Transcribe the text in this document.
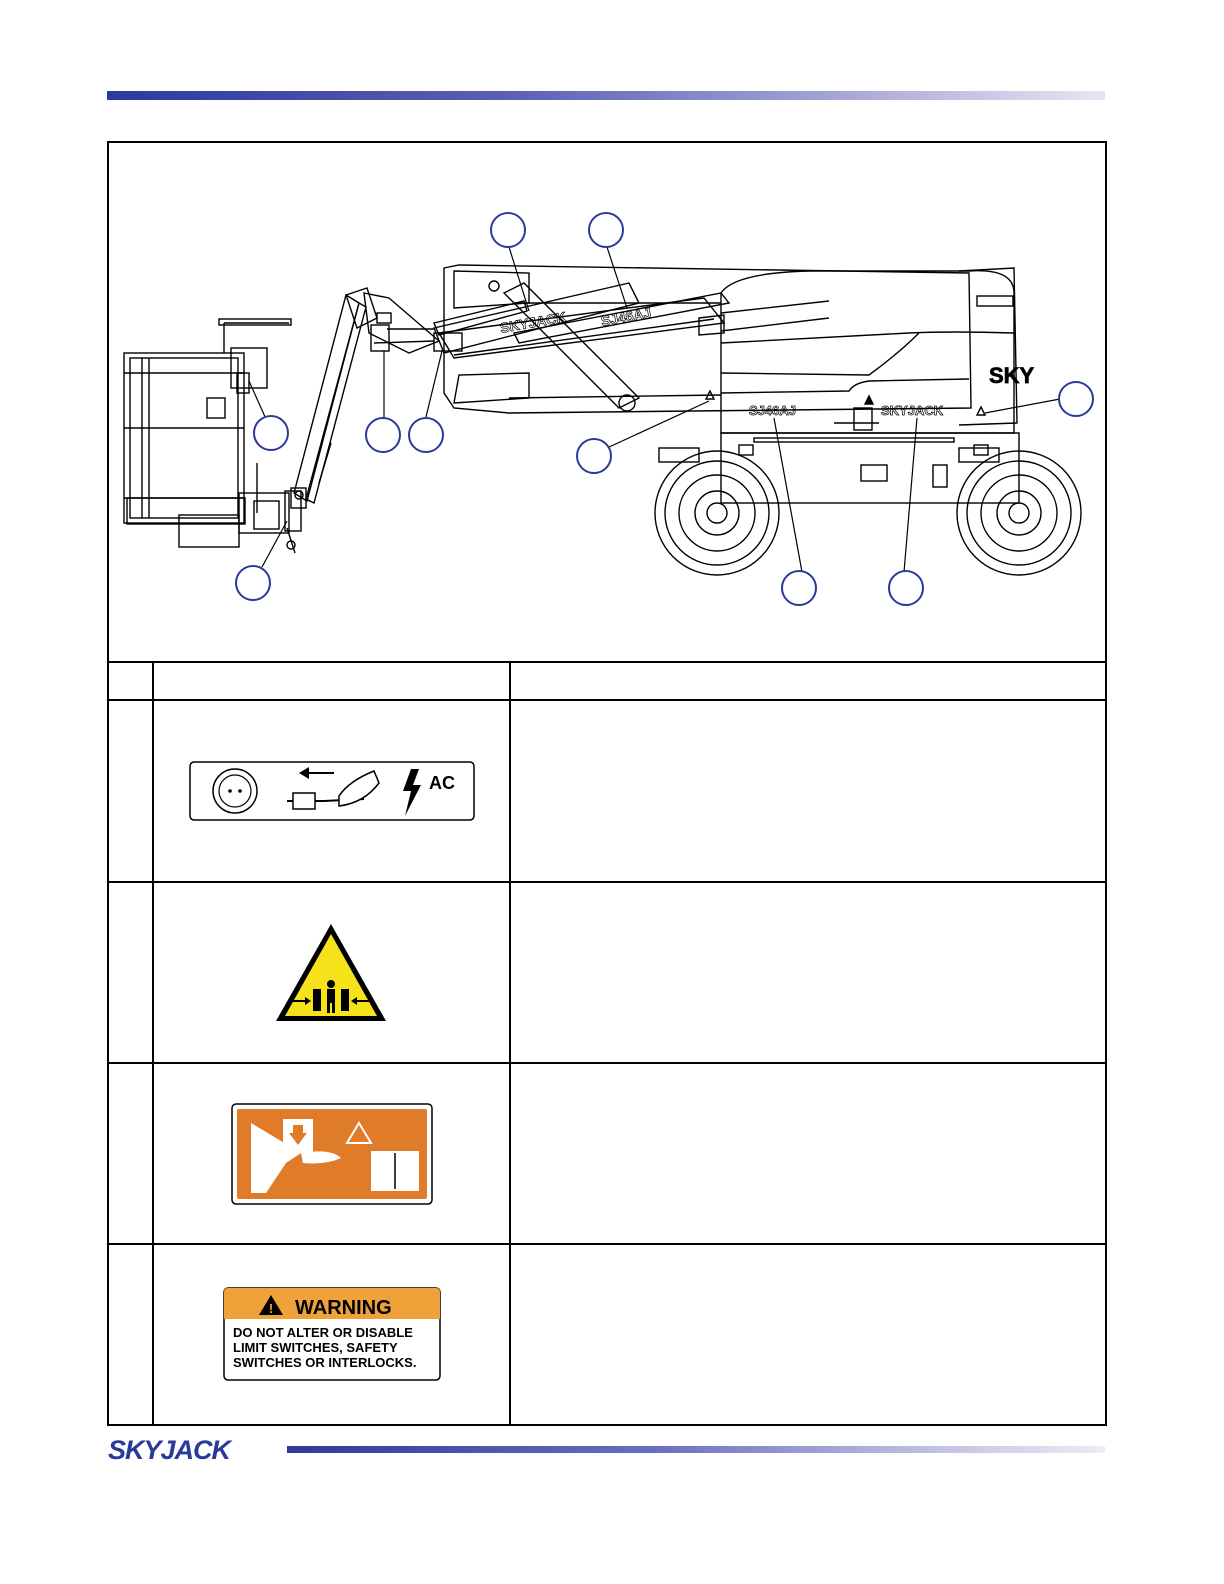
SKYJACK SJ46AJ
SJ46AJ	SKYJACK
SKY
AC
! WARNING
DO NOT ALTER OR DISABLE
LIMIT SWITCHES, SAFETY
SWITCHES OR INTERLOCKS.
SKYJACK
